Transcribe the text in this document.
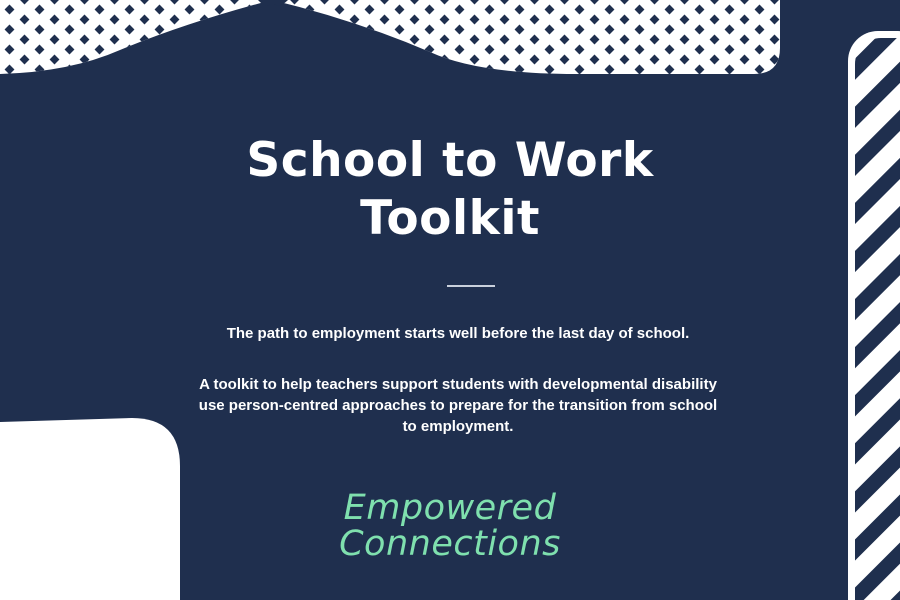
School to Work
Toolkit
The path to employment starts well before the last day of school.
A toolkit to help teachers support students with developmental disability use person-centred approaches to prepare for the transition from school to employment.
Empowered
Connections
